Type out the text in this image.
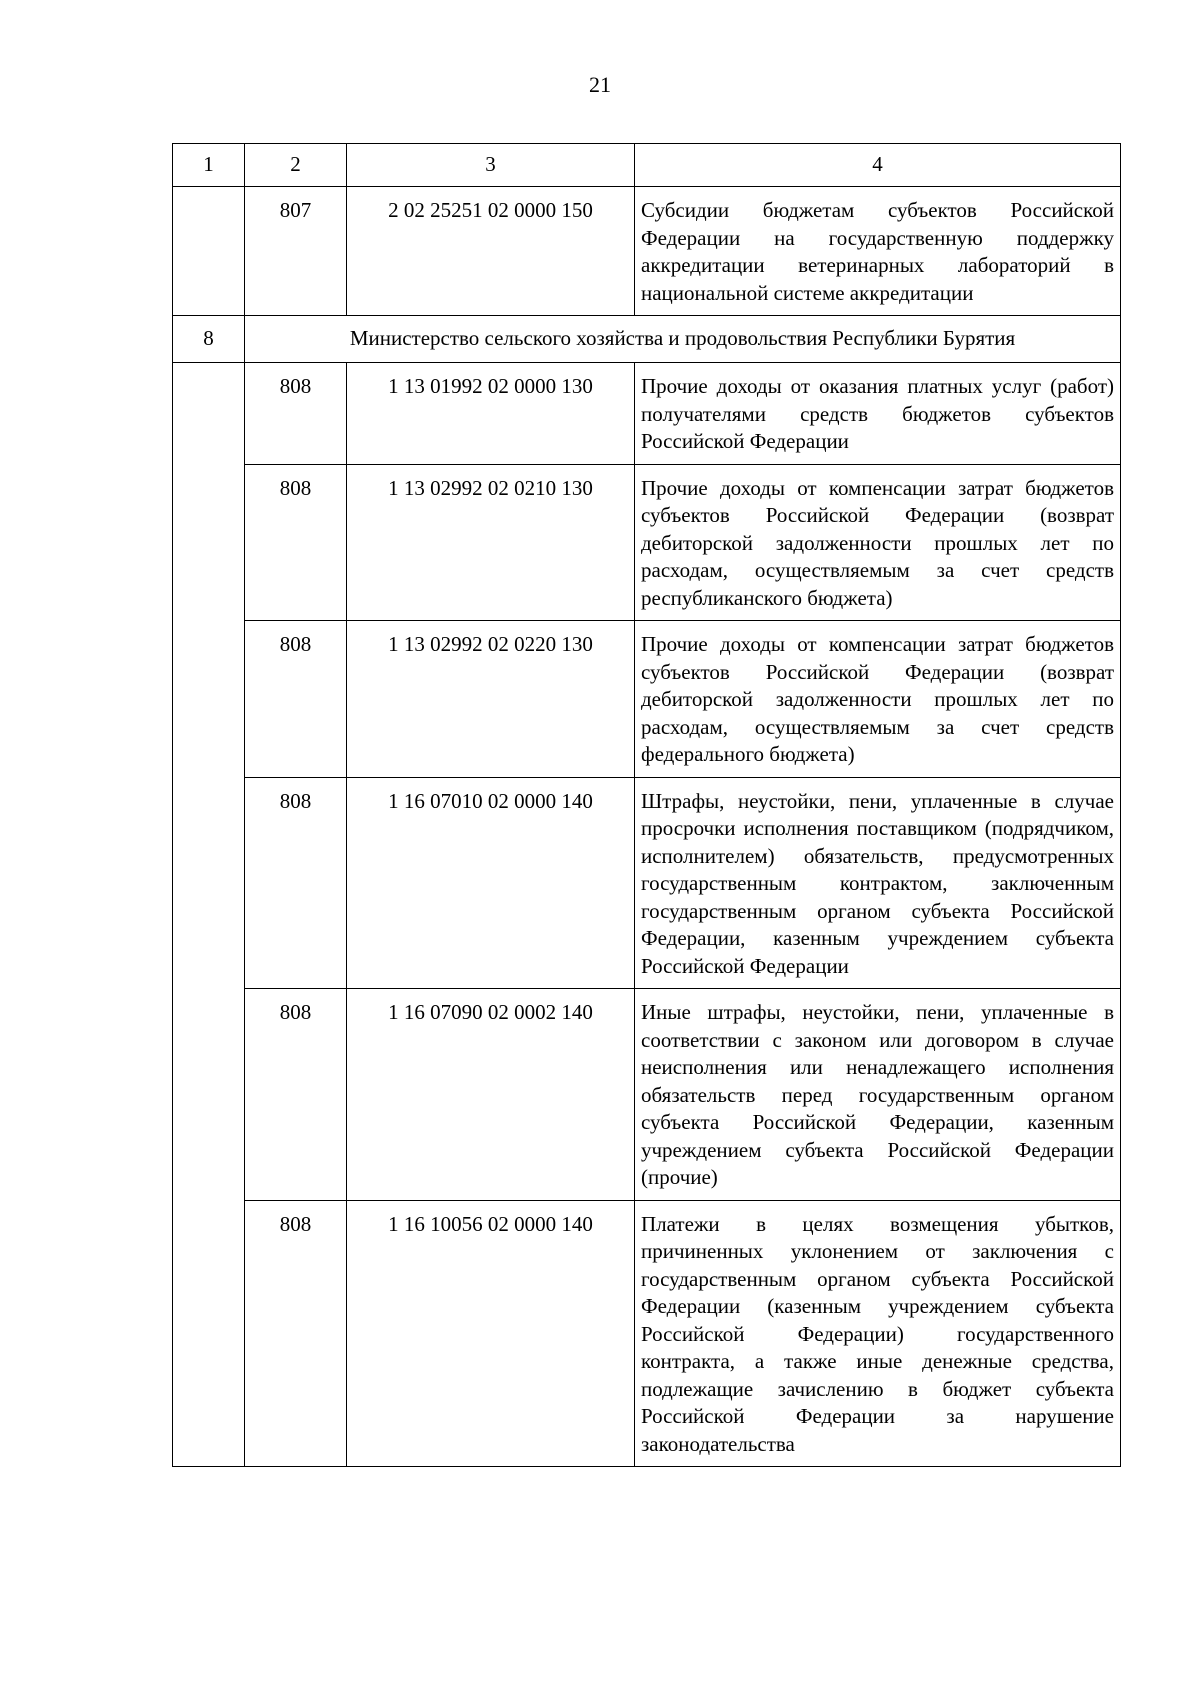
21
1	2	3	4
	807	2 02 25251 02 0000 150	Субсидии бюджетам субъектов Российской Федерации на государственную поддержку аккредитации ветеринарных лабораторий в национальной системе аккредитации
8	Министерство сельского хозяйства и продовольствия Республики Бурятия		
	808	1 13 01992 02 0000 130	Прочие доходы от оказания платных услуг (работ) получателями средств бюджетов субъектов Российской Федерации
	808	1 13 02992 02 0210 130	Прочие доходы от компенсации затрат бюджетов субъектов Российской Федерации (возврат дебиторской задолженности прошлых лет по расходам, осуществляемым за счет средств республиканского бюджета)
	808	1 13 02992 02 0220 130	Прочие доходы от компенсации затрат бюджетов субъектов Российской Федерации (возврат дебиторской задолженности прошлых лет по расходам, осуществляемым за счет средств федерального бюджета)
	808	1 16 07010 02 0000 140	Штрафы, неустойки, пени, уплаченные в случае просрочки исполнения поставщиком (подрядчиком, исполнителем) обязательств, предусмотренных государственным контрактом, заключенным государственным органом субъекта Российской Федерации, казенным учреждением субъекта Российской Федерации
	808	1 16 07090 02 0002 140	Иные штрафы, неустойки, пени, уплаченные в соответствии с законом или договором в случае неисполнения или ненадлежащего исполнения обязательств перед государственным органом субъекта Российской Федерации, казенным учреждением субъекта Российской Федерации (прочие)
	808	1 16 10056 02 0000 140	Платежи в целях возмещения убытков, причиненных уклонением от заключения с государственным органом субъекта Российской Федерации (казенным учреждением субъекта Российской Федерации) государственного контракта, а также иные денежные средства, подлежащие зачислению в бюджет субъекта Российской Федерации за нарушение законодательства
